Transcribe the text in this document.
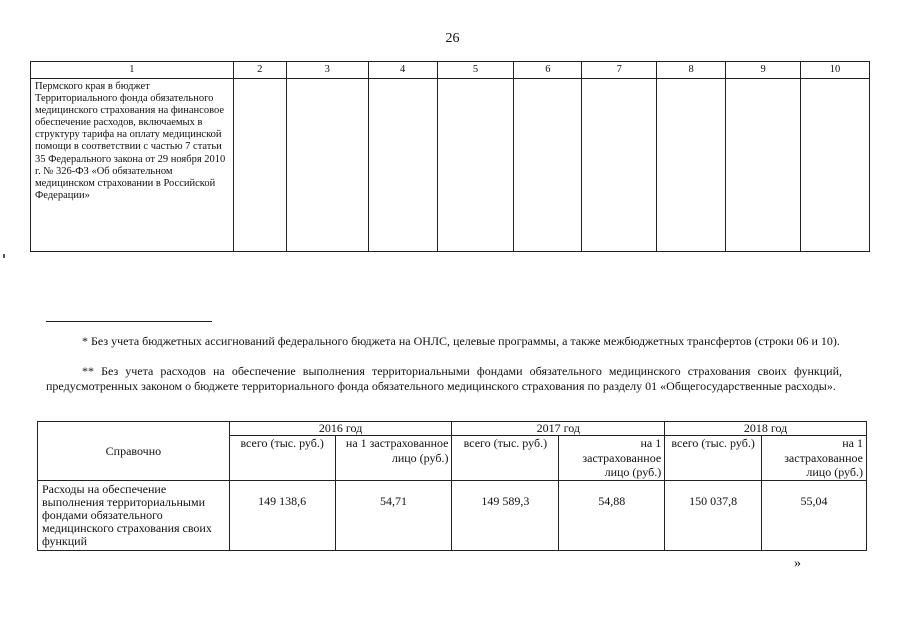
26
1	2	3	4	5	6	7	8	9	10
Пермского края в бюджет Территориального фонда обязательного медицинского страхования на финансовое обеспечение расходов, включаемых в структуру тарифа на оплату медицинской помощи в соответствии с частью 7 статьи 35 Федерального закона от 29 ноября 2010 г. № 326-ФЗ «Об обязательном медицинском страховании в Российской Федерации»									
* Без учета бюджетных ассигнований федерального бюджета на ОНЛС, целевые программы, а также межбюджетных трансфертов (строки 06 и 10).
** Без учета расходов на обеспечение выполнения территориальными фондами обязательного медицинского страхования своих функций, предусмотренных законом о бюджете территориального фонда обязательного медицинского страхования по разделу 01 «Общегосударственные расходы».
Справочно	2016 год		2017 год		2018 год	
	всего (тыс. руб.)	на 1 застрахованное лицо (руб.)	всего (тыс. руб.)	на 1 застрахованное лицо (руб.)	всего (тыс. руб.)	на 1 застрахованное лицо (руб.)
Расходы на обеспечение выполнения территориальными фондами обязательного медицинского страхования своих функций	149 138,6	54,71	149 589,3	54,88	150 037,8	55,04
»
